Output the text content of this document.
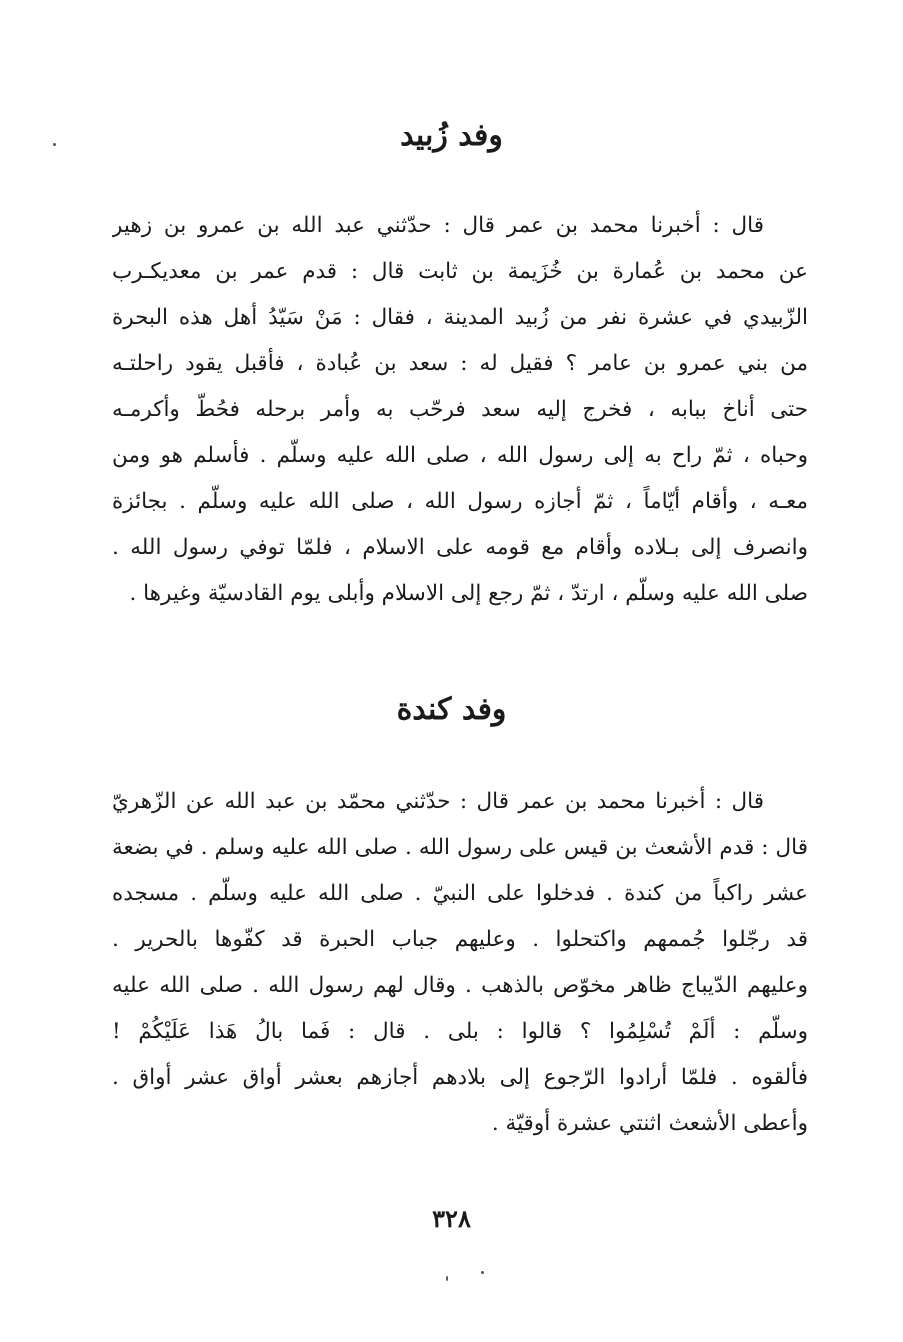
وفد زُبيد
قال : أخبرنا محمد بن عمر قال : حدّثني عبد الله بن عمرو بن زهير
عن محمد بن عُمارة بن خُزَيمة بن ثابت قال : قدم عمر بن معديكـرب
الزّبيدي في عشرة نفر من زُبيد المدينة ، فقال : مَنْ سَيّدُ أهل هذه البحرة
من بني عمرو بن عامر ؟ فقيل له : سعد بن عُبادة ، فأقبل يقود راحلتـه
حتى أناخ ببابه ، فخرج إليه سعد فرحّب به وأمر برحله فحُطّ وأكرمـه
وحباه ، ثمّ راح به إلى رسول الله ، صلى الله عليه وسلّم . فأسلم هو ومن
معـه ، وأقام أيّاماً ، ثمّ أجازه رسول الله ، صلى الله عليه وسلّم . بجائزة
وانصرف إلى بـلاده وأقام مع قومه على الاسلام ، فلمّا توفي رسول الله .
صلى الله عليه وسلّم ، ارتدّ ، ثمّ رجع إلى الاسلام وأبلى يوم القادسيّة وغيرها .
وفد كندة
قال : أخبرنا محمد بن عمر قال : حدّثني محمّد بن عبد الله عن الزّهريّ
قال : قدم الأشعث بن قيس على رسول الله . صلى الله عليه وسلم . في بضعة
عشر راكباً من كندة . فدخلوا على النبيّ . صلى الله عليه وسلّم . مسجده
قد رجّلوا جُممهم واكتحلوا . وعليهم جباب الحبرة قد كفّوها بالحرير .
وعليهم الدّيباج ظاهر مخوّص بالذهب . وقال لهم رسول الله . صلى الله عليه
وسلّم : ألَمْ تُسْلِمُوا ؟ قالوا : بلى . قال : فَما بالُ هَذا عَلَيْكُمْ !
فألقوه . فلمّا أرادوا الرّجوع إلى بلادهم أجازهم بعشر أواق عشر أواق .
وأعطى الأشعث اثنتي عشرة أوقيّة .
٣٢٨
